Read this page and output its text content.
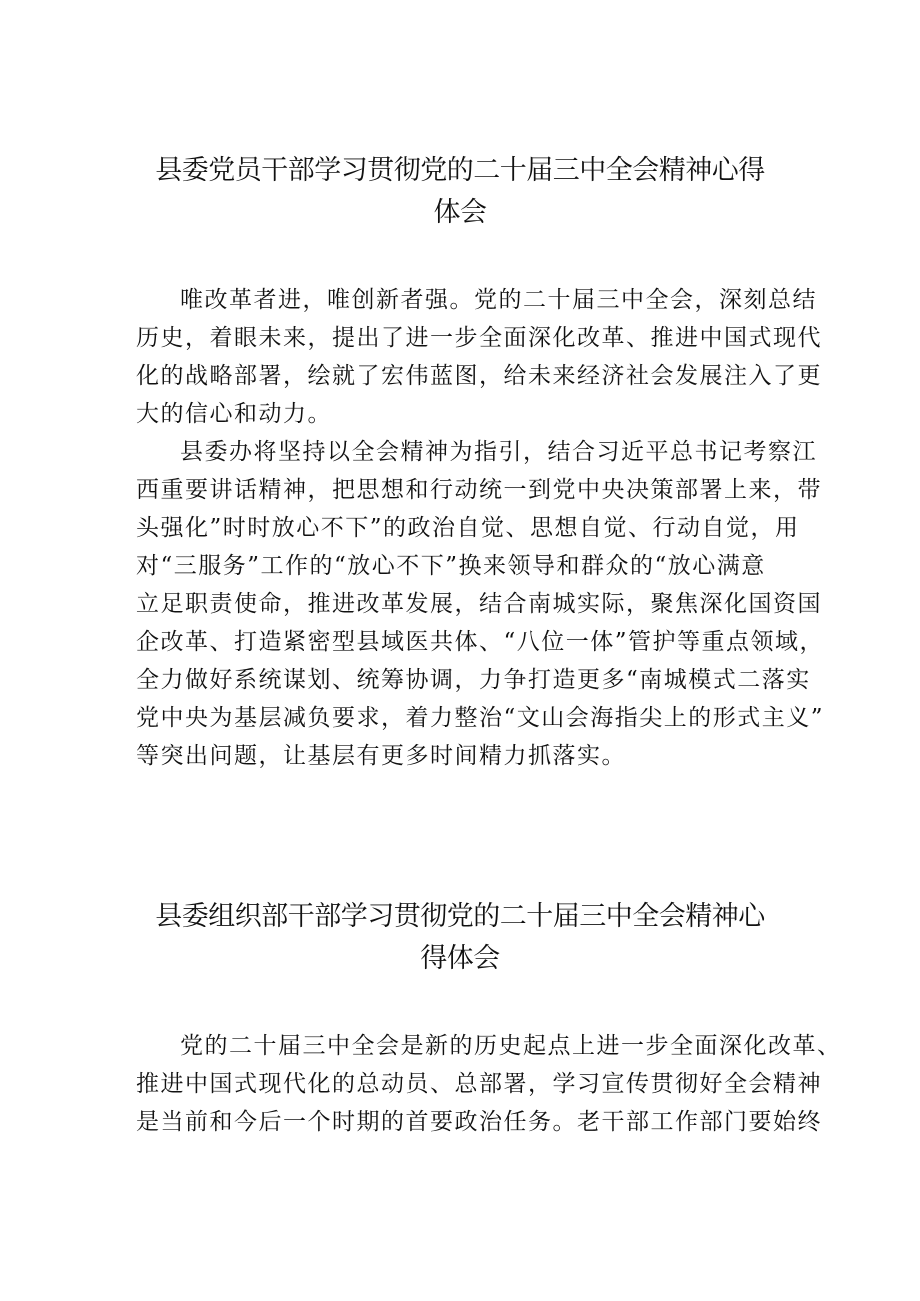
县委党员干部学习贯彻党的二十届三中全会精神心得
体会
唯改革者进，唯创新者强。党的二十届三中全会，深刻总结
历史，着眼未来，提出了进一步全面深化改革、推进中国式现代
化的战略部署，绘就了宏伟蓝图，给未来经济社会发展注入了更
大的信心和动力。
县委办将坚持以全会精神为指引，结合习近平总书记考察江
西重要讲话精神，把思想和行动统一到党中央决策部署上来，带
头强化”时时放心不下”的政治自觉、思想自觉、行动自觉，用
对“三服务”工作的“放心不下”换来领导和群众的“放心满意
立足职责使命，推进改革发展，结合南城实际，聚焦深化国资国
企改革、打造紧密型县域医共体、“八位一体”管护等重点领域，
全力做好系统谋划、统筹协调，力争打造更多“南城模式二落实
党中央为基层减负要求，着力整治“文山会海指尖上的形式主义”
等突出问题，让基层有更多时间精力抓落实。
县委组织部干部学习贯彻党的二十届三中全会精神心
得体会
党的二十届三中全会是新的历史起点上进一步全面深化改革、
推进中国式现代化的总动员、总部署，学习宣传贯彻好全会精神
是当前和今后一个时期的首要政治任务。老干部工作部门要始终
